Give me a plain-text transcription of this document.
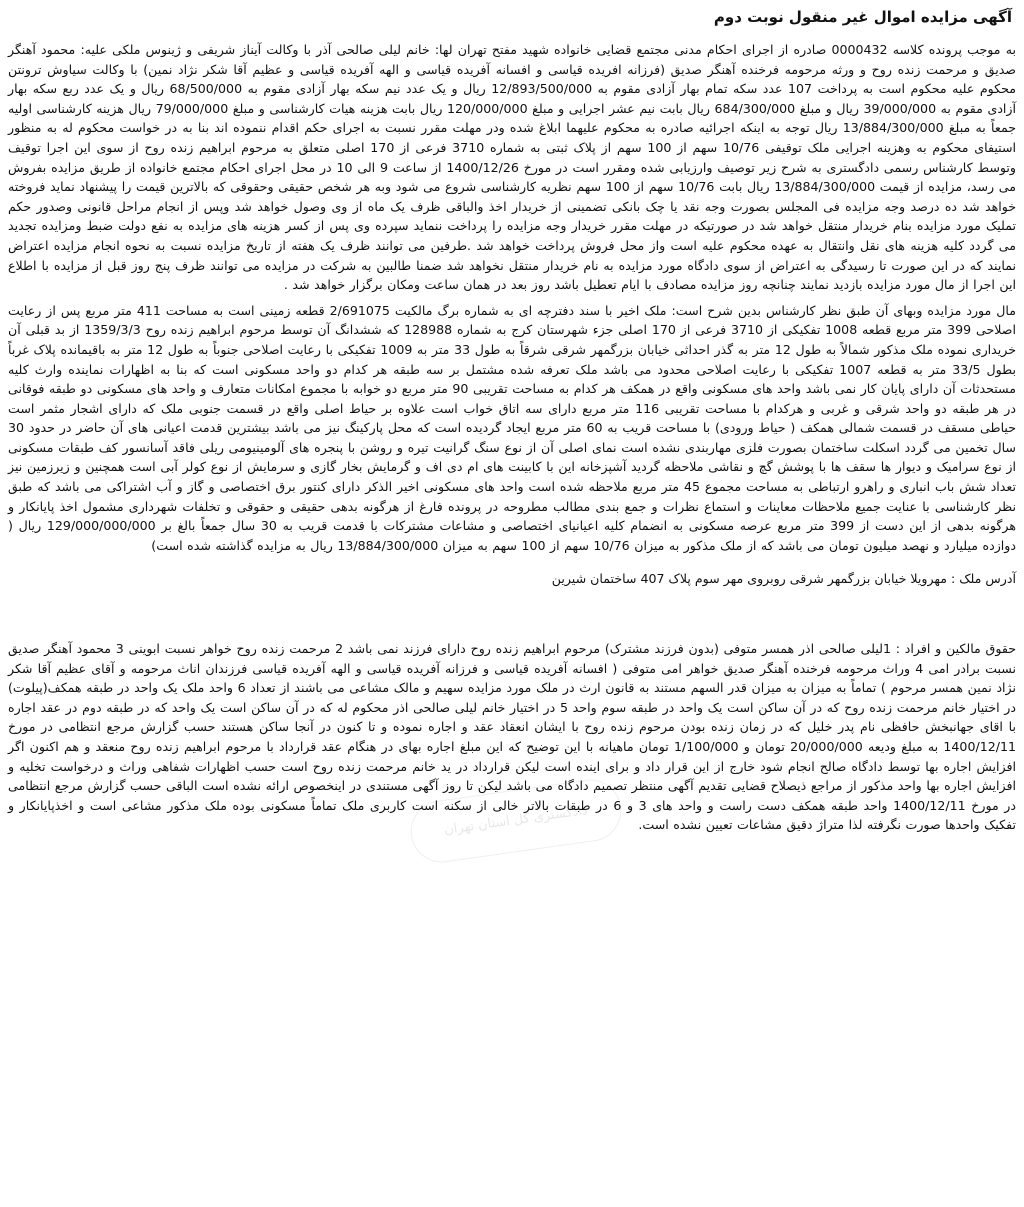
آگهی مزایده اموال غیر منقول نوبت دوم

به موجب پرونده کلاسه 0000432 صادره از اجرای احکام مدنی مجتمع قضایی خانواده شهید مفتح تهران لها: خانم لیلی صالحی آذر با وکالت آیناز شریفی و ژینوس ملکی علیه: محمود آهنگر صدیق و مرحمت زنده روح و ورثه مرحومه فرخنده آهنگر صدیق (فرزانه افریده قیاسی و افسانه آفریده قیاسی و الهه آفریده قیاسی و عظیم آقا شکر نژاد نمین) با وکالت سیاوش ترونتن محکوم علیه محکوم است به پرداخت 107 عدد سکه تمام بهار آزادی مقوم به 12/893/500/000 ریال و یک عدد نیم سکه بهار آزادی مقوم به 68/500/000 ریال و یک عدد ربع سکه بهار آزادی مقوم به 39/000/000 ریال و مبلغ 684/300/000 ریال بابت نیم عشر اجرایی و مبلغ 120/000/000 ریال بابت هزینه هیات کارشناسی و مبلغ 79/000/000 ریال هزینه کارشناسی اولیه جمعاً به مبلغ 13/884/300/000 ریال توجه به اینکه اجرائیه صادره به محکوم علیهما ابلاغ شده ودر مهلت مقرر نسبت به اجرای حکم اقدام ننموده اند بنا به در خواست محکوم له به منظور استیفای محکوم به وهزینه اجرایی ملک توقیفی 10/76 سهم از 100 سهم از پلاک ثبتی به شماره 3710 فرعی از 170 اصلی متعلق به مرحوم ابراهیم زنده روح از سوی این اجرا توقیف وتوسط کارشناس رسمی دادگستری به شرح زیر توصیف وارزیابی شده ومقرر است در مورخ 1400/12/26 از ساعت 9 الی 10 در محل اجرای احکام مجتمع خانواده از طریق مزایده بفروش می رسد، مزایده از قیمت 13/884/300/000 ریال بابت 10/76 سهم از 100 سهم نظریه کارشناسی شروع می شود وبه هر شخص حقیقی وحقوقی که بالاترین قیمت را پیشنهاد نماید فروخته خواهد شد ده درصد وجه مزایده فی المجلس بصورت وجه نقد یا چک بانکی تضمینی از خریدار اخذ والباقی ظرف یک ماه از وی وصول خواهد شد وپس از انجام مراحل قانونی وصدور حکم تملیک مورد مزایده بنام خریدار منتقل خواهد شد در صورتیکه در مهلت مقرر خریدار وجه مزایده را پرداخت ننماید سپرده وی پس از کسر هزینه های مزایده به نفع دولت ضبط ومزایده تجدید می گردد کلیه هزینه های نقل وانتقال به عهده محکوم علیه است واز محل فروش پرداخت خواهد شد .طرفین می توانند ظرف یک هفته از تاریخ مزایده نسبت به نحوه انجام مزایده اعتراض نمایند که در این صورت تا رسیدگی به اعتراض از سوی دادگاه مورد مزایده به نام خریدار منتقل نخواهد شد ضمنا طالبین به شرکت در مزایده می توانند ظرف پنج روز قبل از مزایده با اطلاع این اجرا از مال مورد مزایده بازدید نمایند چنانچه روز مزایده مصادف با ایام تعطیل باشد روز بعد در همان ساعت ومکان برگزار خواهد شد .

مال مورد مزایده وبهای آن طبق نظر کارشناس بدین شرح است: ملک اخیر با سند دفترچه ای به شماره برگ مالکیت 2/691075 قطعه زمینی است به مساحت 411 متر مربع پس از رعایت اصلاحی 399 متر مربع قطعه 1008 تفکیکی از 3710 فرعی از 170 اصلی جزء شهرستان کرج به شماره 128988 که ششدانگ آن توسط مرحوم ابراهیم زنده روح 1359/3/3 از بد قبلی آن خریداری نموده ملک مذکور شمالاً به طول 12 متر به گذر احداثی خیابان بزرگمهر شرقی شرقاً به طول 33 متر به 1009 تفکیکی با رعایت اصلاحی جنوباً به طول 12 متر به باقیمانده پلاک غرباً بطول 33/5 متر به قطعه 1007 تفکیکی با رعایت اصلاحی محدود می باشد ملک تعرفه شده مشتمل بر سه طبقه هر کدام دو واحد مسکونی است که بنا به اظهارات نماینده وارث کلیه مستحدثات آن دارای پایان کار نمی باشد واحد های مسکونی واقع در همکف هر کدام به مساحت تقریبی 90 متر مربع دو خوابه با مجموع امکانات متعارف و واحد های مسکونی دو طبقه فوقانی در هر طبقه دو واحد شرقی و غربی و هرکدام با مساحت تقریبی 116 متر مربع دارای سه اتاق خواب است علاوه بر حیاط اصلی واقع در قسمت جنوبی ملک که دارای اشجار مثمر است حیاطی مسقف در قسمت شمالی همکف ( حیاط ورودی) با مساحت قریب به 60 متر مربع ایجاد گردیده است که محل پارکینگ نیز می باشد بیشترین قدمت اعیانی های آن حاضر در حدود 30 سال تخمین می گردد اسکلت ساختمان بصورت فلزی مهاربندی نشده است نمای اصلی آن از نوع سنگ گرانیت تیره و روشن با پنجره های آلومینیومی ریلی فاقد آسانسور کف طبقات مسکونی از نوع سرامیک و دیوار ها سقف ها با پوشش گچ و نقاشی ملاحظه گردید آشپزخانه این با کابینت های ام دی اف و گرمایش بخار گازی و سرمایش از نوع کولر آبی است همچنین و زیرزمین نیز تعداد شش باب انباری و راهرو ارتباطی به مساحت مجموع 45 متر مربع ملاحظه شده است واحد های مسکونی اخیر الذکر دارای کنتور برق اختصاصی و گاز و آب اشتراکی می باشد که طبق نظر کارشناسی با عنایت جمیع ملاحظات معاینات و استماع نظرات و جمع بندی مطالب مطروحه در پرونده فارغ از هرگونه بدهی حقیقی و حقوقی و تخلفات شهرداری مشمول اخذ پایانکار و هرگونه بدهی از این دست از 399 متر مربع عرصه مسکونی به انضمام کلیه اعیانیای اختصاصی و مشاعات مشترکات با قدمت قریب به 30 سال جمعاً بالغ بر 129/000/000/000 ریال ( دوازده میلیارد و نهصد میلیون تومان می باشد که از ملک مذکور به میزان 10/76 سهم از 100 سهم به میزان 13/884/300/000 ریال به مزایده گذاشته شده است)

آدرس ملک : مهرویلا خیابان بزرگمهر شرقی روبروی مهر سوم پلاک 407 ساختمان شیرین

حقوق مالکین و افراد : 1لیلی صالحی اذر همسر متوفی (بدون فرزند مشترک) مرحوم ابراهیم زنده روح دارای فرزند نمی باشد 2 مرحمت زنده روح خواهر نسبت ابوینی 3 محمود آهنگر صدیق نسبت برادر امی 4 وراث مرحومه فرخنده آهنگر صدیق خواهر امی متوفی ( افسانه آفریده قیاسی و فرزانه آفریده قیاسی و الهه آفریده قیاسی فرزندان اناث مرحومه و آقای عظیم آقا شکر نژاد نمین همسر مرحوم ) تماماً به میزان به میزان قدر السهم مستند به قانون ارث در ملک مورد مزایده سهیم و مالک مشاعی می باشند از تعداد 6 واحد ملک یک واحد در طبقه همکف(پیلوت) در اختیار خانم مرحمت زنده روح که در آن ساکن است یک واحد در طبقه سوم واحد 5 در اختیار خانم لیلی صالحی اذر محکوم له که در آن ساکن است یک واحد که در طبقه دوم در عقد اجاره با اقای جهانبخش حافظی نام پدر خلیل که در زمان زنده بودن مرحوم زنده روح با ایشان انعقاد عقد و اجاره نموده و تا کنون در آنجا ساکن هستند حسب گزارش مرجع انتظامی در مورخ 1400/12/11 به مبلغ ودیعه 20/000/000 تومان و 1/100/000 تومان ماهیانه با این توضیح که این مبلغ اجاره بهای در هنگام عقد قرارداد با مرحوم ابراهیم زنده روح منعقد و هم اکنون اگر افزایش اجاره بها توسط دادگاه صالح انجام شود خارج از این قرار داد و برای اینده است لیکن قرارداد در ید خانم مرحمت زنده روح است حسب اظهارات شفاهی وراث و درخواست تخلیه و افزایش اجاره بها واحد مذکور از مراجع ذیصلاح قضایی تقدیم آگهی منتظر تصمیم دادگاه می باشد لیکن تا روز آگهی مستندی در اینخصوص ارائه نشده است الباقی حسب گزارش مرجع انتظامی در مورخ 1400/12/11 واحد طبقه همکف دست راست و واحد های 3 و 6 در طبقات بالاتر خالی از سکنه است کاربری ملک تماماً مسکونی بوده ملک مذکور مشاعی است و اخذپایانکار و تفکیک واحدها صورت نگرفته لذا متراژ دقیق مشاعات تعیین نشده است.

دادگستری کل استان تهران
